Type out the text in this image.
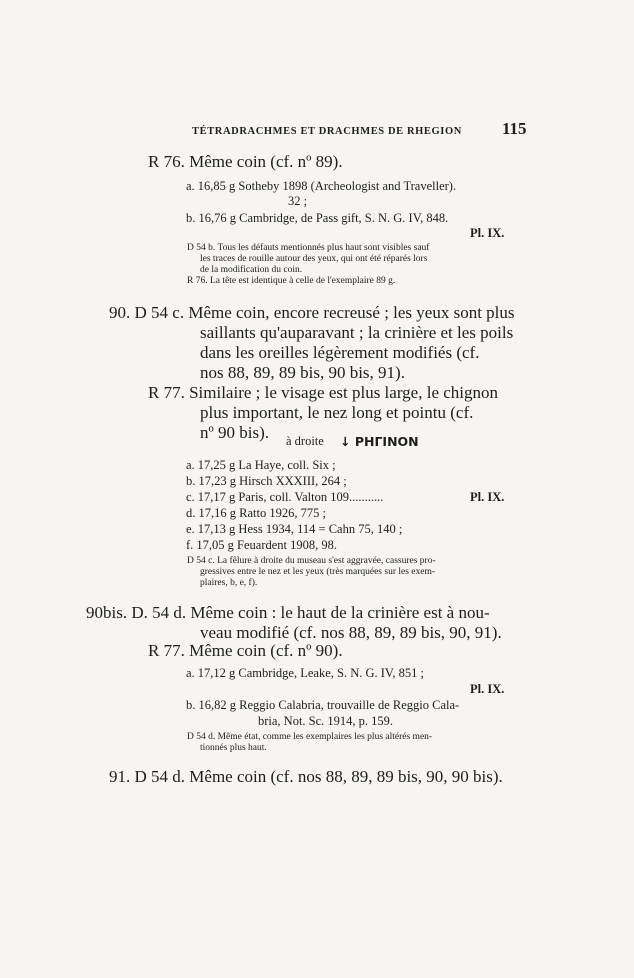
TÉTRADRACHMES ET DRACHMES DE RHEGION 115
R 76. Même coin (cf. nº 89).
a. 16,85 g Sotheby 1898 (Archeologist and Traveller).
32 ;
b. 16,76 g Cambridge, de Pass gift, S. N. G. IV, 848.
Pl. IX.
D 54 b. Tous les défauts mentionnés plus haut sont visibles sauf
les traces de rouille autour des yeux, qui ont été réparés lors
de la modification du coin.
R 76. La tête est identique à celle de l'exemplaire 89 g.
90. D 54 c. Même coin, encore recreusé ; les yeux sont plus
saillants qu'auparavant ; la crinière et les poils
dans les oreilles légèrement modifiés (cf.
nos 88, 89, 89 bis, 90 bis, 91).
R 77. Similaire ; le visage est plus large, le chignon
plus important, le nez long et pointu (cf.
nº 90 bis). à droite ↓ PHΓINON
a. 17,25 g La Haye, coll. Six ;
b. 17,23 g Hirsch XXXIII, 264 ;
c. 17,17 g Paris, coll. Valton 109...........	Pl. IX.
d. 17,16 g Ratto 1926, 775 ;
e. 17,13 g Hess 1934, 114 = Cahn 75, 140 ;
f. 17,05 g Feuardent 1908, 98.
D 54 c. La fêlure à droite du museau s'est aggravée, cassures pro-
gressives entre le nez et les yeux (très marquées sur les exem-
plaires, b, e, f).
90bis. D. 54 d. Même coin : le haut de la crinière est à nou-
veau modifié (cf. nos 88, 89, 89 bis, 90, 91).
R 77. Même coin (cf. nº 90).
a. 17,12 g Cambridge, Leake, S. N. G. IV, 851 ;
Pl. IX.
b. 16,82 g Reggio Calabria, trouvaille de Reggio Cala-
bria, Not. Sc. 1914, p. 159.
D 54 d. Même état, comme les exemplaires les plus altérés men-
tionnés plus haut.
91. D 54 d. Même coin (cf. nos 88, 89, 89 bis, 90, 90 bis).
